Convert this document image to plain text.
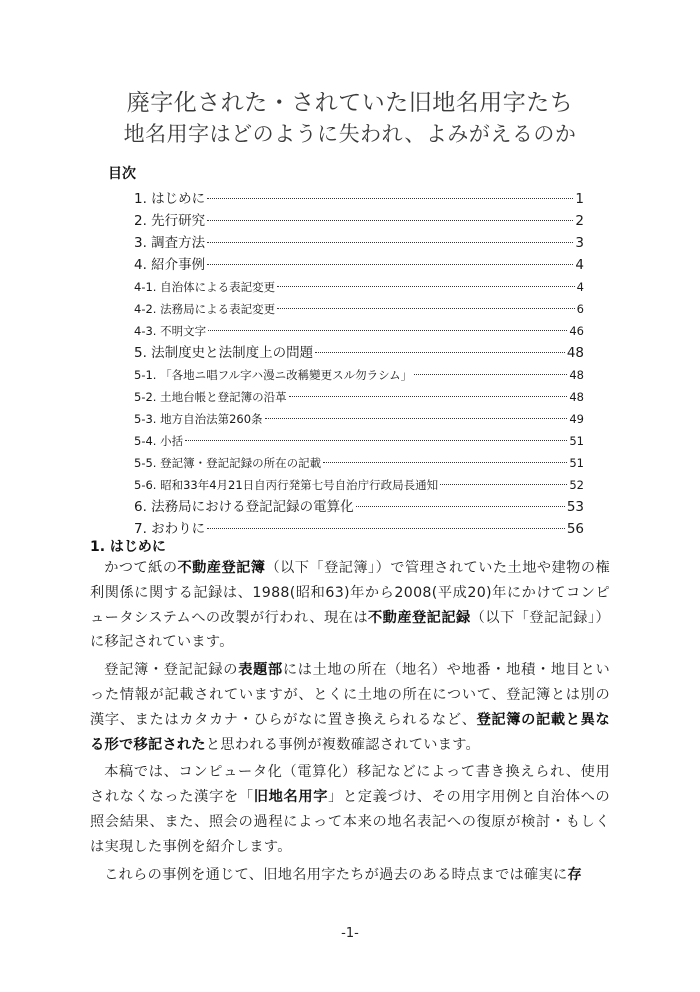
廃字化された・されていた旧地名用字たち
地名用字はどのように失われ、よみがえるのか
目次
1. はじめに	1
2. 先行研究	2
3. 調査方法	3
4. 紹介事例	4
4-1. 自治体による表記変更	4
4-2. 法務局による表記変更	6
4-3. 不明文字	46
5. 法制度史と法制度上の問題	48
5-1. 「各地ニ唱フル字ハ漫ニ改稱變更スル勿ラシム」	48
5-2. 土地台帳と登記簿の沿革	48
5-3. 地方自治法第260条	49
5-4. 小括	51
5-5. 登記簿・登記記録の所在の記載	51
5-6. 昭和33年4月21日自丙行発第七号自治庁行政局長通知	52
6. 法務局における登記記録の電算化	53
7. おわりに	56
1. はじめに

かつて紙の不動産登記簿（以下「登記簿」）で管理されていた土地や建物の権利関係に関する記録は、1988(昭和63)年から2008(平成20)年にかけてコンピュータシステムへの改製が行われ、現在は不動産登記記録（以下「登記記録」）に移記されています。

登記簿・登記記録の表題部には土地の所在（地名）や地番・地積・地目といった情報が記載されていますが、とくに土地の所在について、登記簿とは別の漢字、またはカタカナ・ひらがなに置き換えられるなど、登記簿の記載と異なる形で移記されたと思われる事例が複数確認されています。

本稿では、コンピュータ化（電算化）移記などによって書き換えられ、使用されなくなった漢字を「旧地名用字」と定義づけ、その用字用例と自治体への照会結果、また、照会の過程によって本来の地名表記への復原が検討・もしくは実現した事例を紹介します。

これらの事例を通じて、旧地名用字たちが過去のある時点までは確実に存

-1-
